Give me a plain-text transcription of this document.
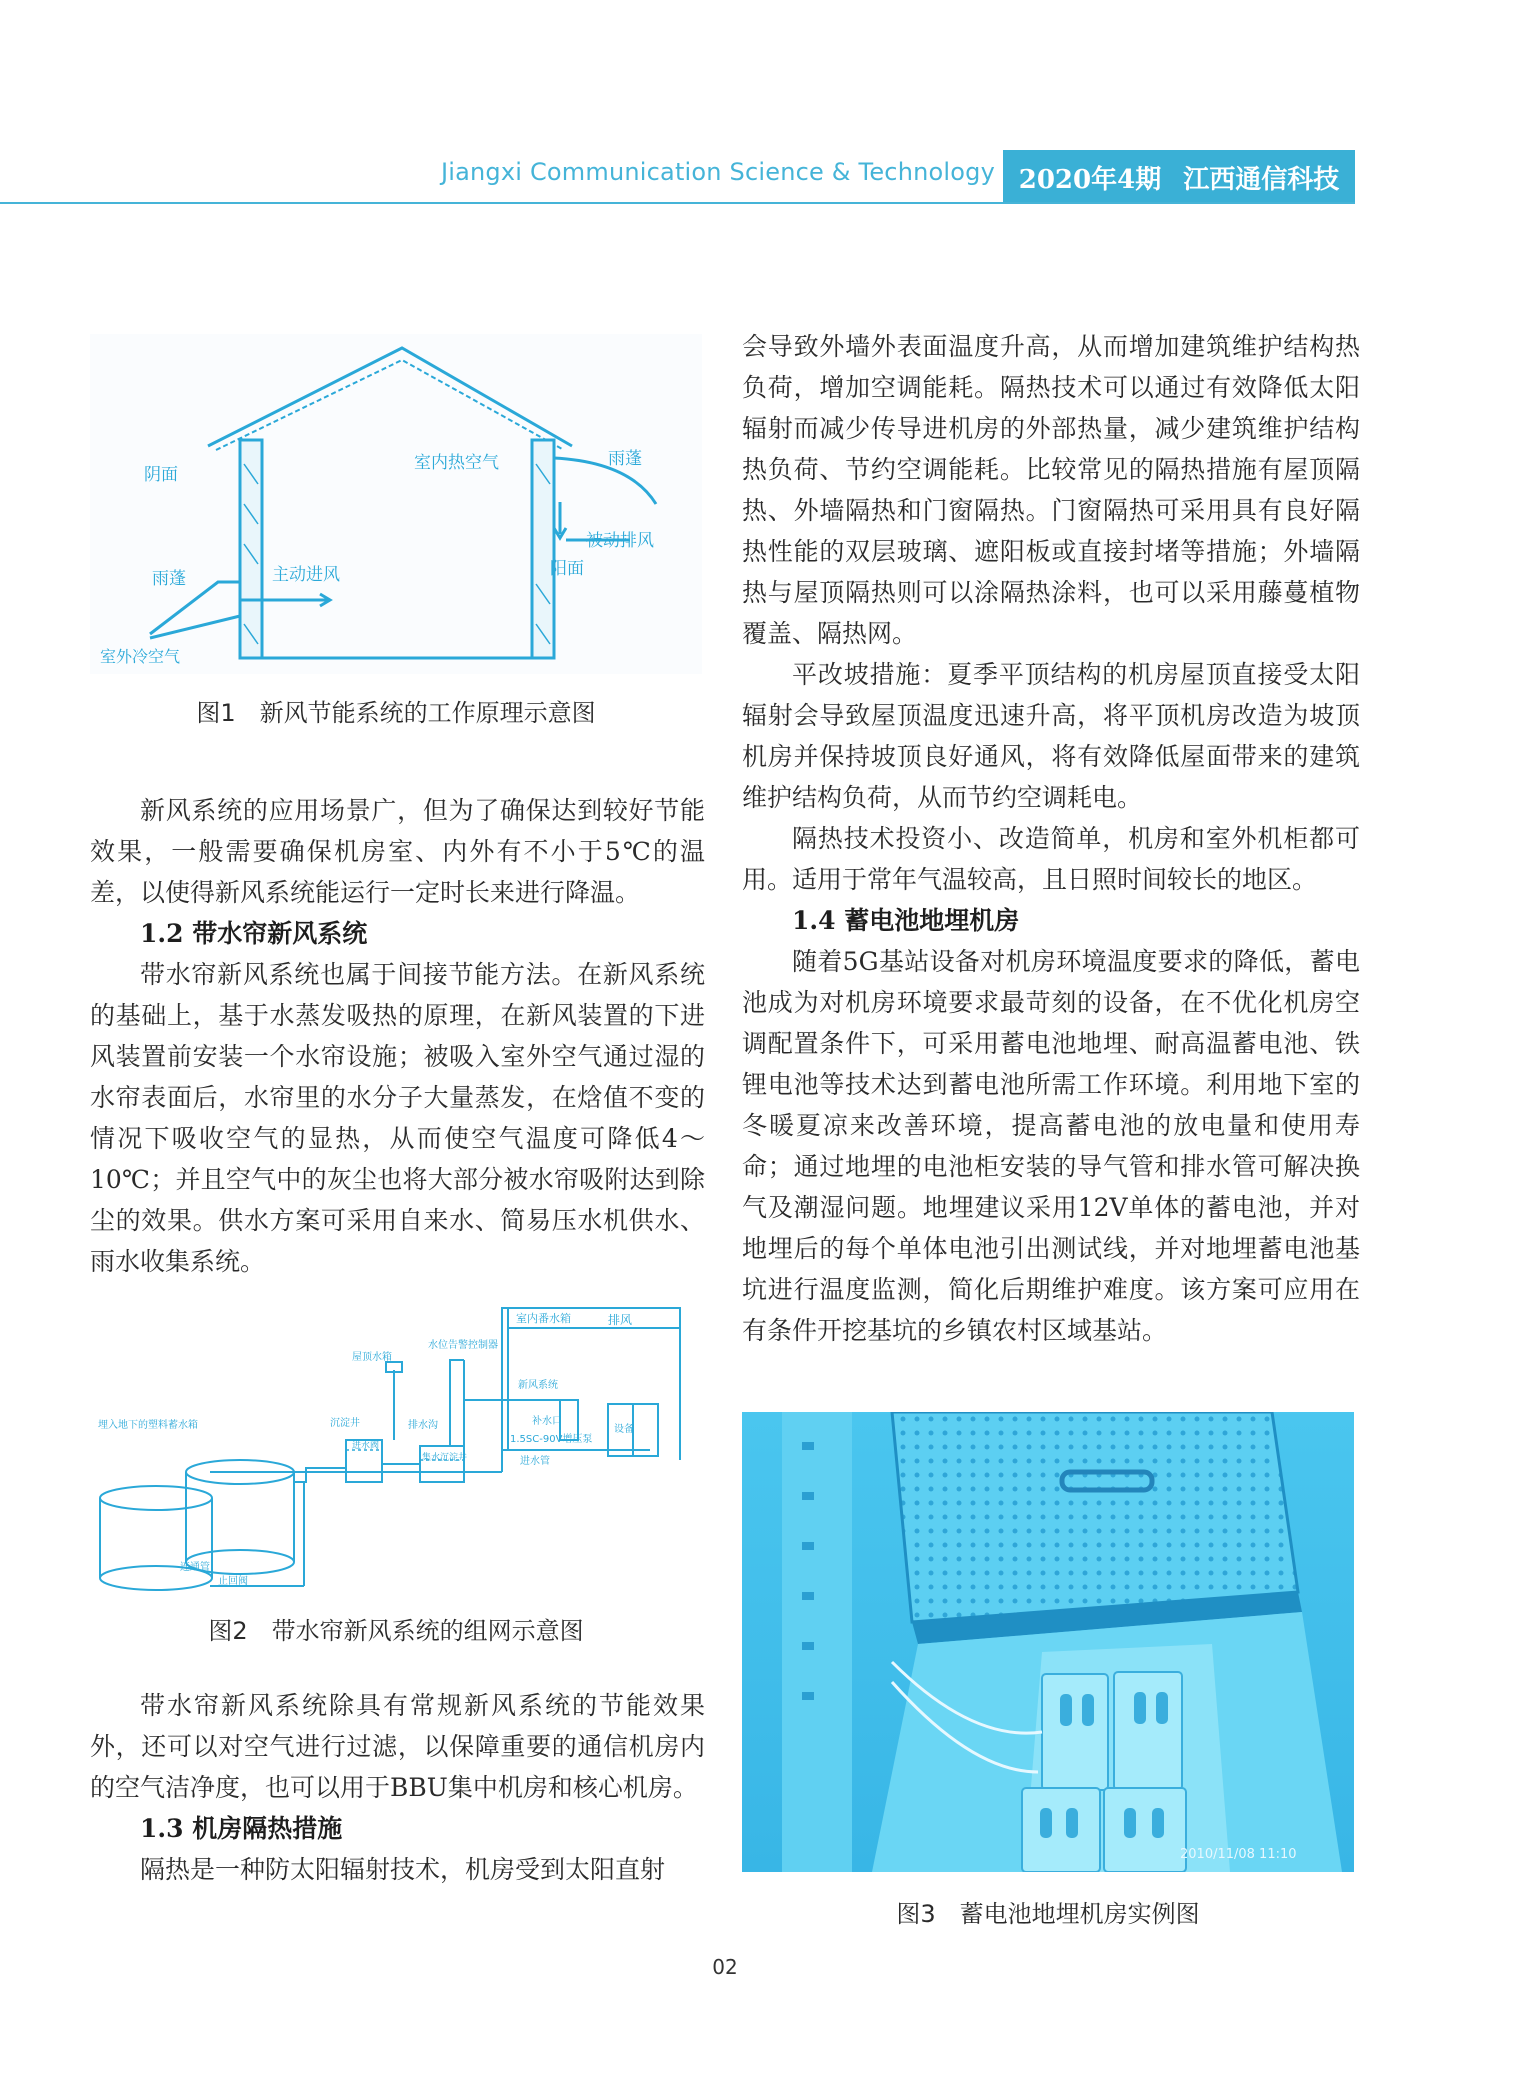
Jiangxi Communication Science & Technology 2020年4期 江西通信科技
阴面
室内热空气	雨蓬
被动排风
雨蓬	主动进风	阳面
室外冷空气
图1　新风节能系统的工作原理示意图

新风系统的应用场景广，但为了确保达到较好节能效果，一般需要确保机房室、内外有不小于5℃的温差，以使得新风系统能运行一定时长来进行降温。

1.2 带水帘新风系统

带水帘新风系统也属于间接节能方法。在新风系统的基础上，基于水蒸发吸热的原理，在新风装置的下进风装置前安装一个水帘设施；被吸入室外空气通过湿的水帘表面后，水帘里的水分子大量蒸发，在焓值不变的情况下吸收空气的显热，从而使空气温度可降低4～10℃；并且空气中的灰尘也将大部分被水帘吸附达到除尘的效果。供水方案可采用自来水、简易压水机供水、雨水收集系统。

室内番水箱	排风
水位告警控制器
新风系统
补水口
设备
屋顶水箱
埋入地下的塑料蓄水箱	沉淀井	排水沟
进水阀
集水沉淀井
1.5SC-90V增压泵
进水管
连通管
止回阀
图2　带水帘新风系统的组网示意图

带水帘新风系统除具有常规新风系统的节能效果外，还可以对空气进行过滤，以保障重要的通信机房内的空气洁净度，也可以用于BBU集中机房和核心机房。

1.3 机房隔热措施

隔热是一种防太阳辐射技术，机房受到太阳直射

会导致外墙外表面温度升高，从而增加建筑维护结构热负荷，增加空调能耗。隔热技术可以通过有效降低太阳辐射而减少传导进机房的外部热量，减少建筑维护结构热负荷、节约空调能耗。比较常见的隔热措施有屋顶隔热、外墙隔热和门窗隔热。门窗隔热可采用具有良好隔热性能的双层玻璃、遮阳板或直接封堵等措施；外墙隔热与屋顶隔热则可以涂隔热涂料，也可以采用藤蔓植物覆盖、隔热网。

平改坡措施：夏季平顶结构的机房屋顶直接受太阳辐射会导致屋顶温度迅速升高，将平顶机房改造为坡顶机房并保持坡顶良好通风，将有效降低屋面带来的建筑维护结构负荷，从而节约空调耗电。

隔热技术投资小、改造简单，机房和室外机柜都可用。适用于常年气温较高，且日照时间较长的地区。

1.4 蓄电池地埋机房

随着5G基站设备对机房环境温度要求的降低，蓄电池成为对机房环境要求最苛刻的设备，在不优化机房空调配置条件下，可采用蓄电池地埋、耐高温蓄电池、铁锂电池等技术达到蓄电池所需工作环境。利用地下室的冬暖夏凉来改善环境，提高蓄电池的放电量和使用寿命；通过地埋的电池柜安装的导气管和排水管可解决换气及潮湿问题。地埋建议采用12V单体的蓄电池，并对地埋后的每个单体电池引出测试线，并对地埋蓄电池基坑进行温度监测，简化后期维护难度。该方案可应用在有条件开挖基坑的乡镇农村区域基站。

2010/11/08 11:10
图3　蓄电池地埋机房实例图
02
